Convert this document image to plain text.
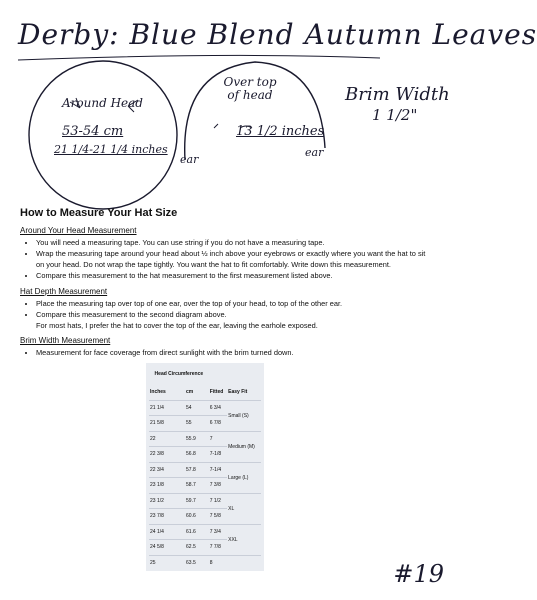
Derby: Blue Blend Autumn Leaves
Around Head
53-54 cm
21 1/4-21 1/4 inches
Over top of head
13 1/2 inches
ear
ear
Brim Width
1 1/2"
How to Measure Your Hat Size

Around Your Head Measurement

• You will need a measuring tape. You can use string if you do not have a measuring tape.
• Wrap the measuring tape around your head about ½ inch above your eyebrows or exactly where you want the hat to sit
on your head. Do not wrap the tape tightly. You want the hat to fit comfortably. Write down this measurement.
• Compare this measurement to the hat measurement to the first measurement listed above.

Hat Depth Measurement

• Place the measuring tap over top of one ear, over the top of your head, to top of the other ear.
• Compare this measurement to the second diagram above.
For most hats, I prefer the hat to cover the top of the ear, leaving the earhole exposed.

Brim Width Measurement

• Measurement for face coverage from direct sunlight with the brim turned down.
Head Circumference			
Inches	cm	Fitted	Easy Fit
21 1/4	54	6 3/4	Small (S)
21 5/8	55	6 7/8	
22	55.9	7	Medium (M)
22 3/8	56.8	7-1/8	
22 3/4	57.8	7-1/4	Large (L)
23 1/8	58.7	7 3/8	
23 1/2	59.7	7 1/2	XL
23 7/8	60.6	7 5/8	
24 1/4	61.6	7 3/4	XXL
24 5/8	62.5	7 7/8	
25	63.5	8		#19
